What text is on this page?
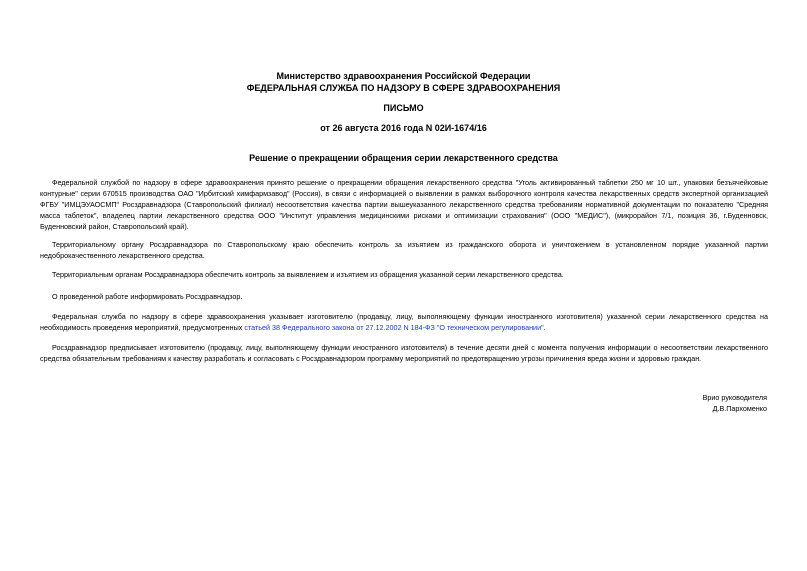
Министерство здравоохранения Российской Федерации
ФЕДЕРАЛЬНАЯ СЛУЖБА ПО НАДЗОРУ В СФЕРЕ ЗДРАВООХРАНЕНИЯ
ПИСЬМО
от 26 августа 2016 года N 02И-1674/16
Решение о прекращении обращения серии лекарственного средства

Федеральной службой по надзору в сфере здравоохранения принято решение о прекращении обращения лекарственного средства "Уголь активированный таблетки 250 мг 10 шт., упаковки безъячейковые контурные" серии 670515 производства ОАО "Ирбитский химфармзавод" (Россия), в связи с информацией о выявлении в рамках выборочного контроля качества лекарственных средств экспертной организацией ФГБУ "ИМЦЭУАОСМП" Росздравнадзора (Ставропольский филиал) несоответствия качества партии вышеуказанного лекарственного средства требованиям нормативной документации по показателю "Средняя масса таблеток", владелец партии лекарственного средства ООО "Институт управления медицинскими рисками и оптимизации страхования" (ООО "МЕДИС"), (микрорайон 7/1, позиция 36, г.Буденновск, Буденновский район, Ставропольский край).

Территориальному органу Росздравнадзора по Ставропольскому краю обеспечить контроль за изъятием из гражданского оборота и уничтожением в установленном порядке указанной партии недоброкачественного лекарственного средства.

Территориальным органам Росздравнадзора обеспечить контроль за выявлением и изъятием из обращения указанной серии лекарственного средства.

О проведенной работе информировать Росздравнадзор.

Федеральная служба по надзору в сфере здравоохранения указывает изготовителю (продавцу, лицу, выполняющему функции иностранного изготовителя) указанной серии лекарственного средства на необходимость проведения мероприятий, предусмотренных статьей 38 Федерального закона от 27.12.2002 N 184-ФЗ "О техническом регулировании".

Росздравнадзор предписывает изготовителю (продавцу, лицу, выполняющему функции иностранного изготовителя) в течение десяти дней с момента получения информации о несоответствии лекарственного средства обязательным требованиям к качеству разработать и согласовать с Росздравнадзором программу мероприятий по предотвращению угрозы причинения вреда жизни и здоровью граждан.

Врио руководителя
Д.В.Пархоменко
